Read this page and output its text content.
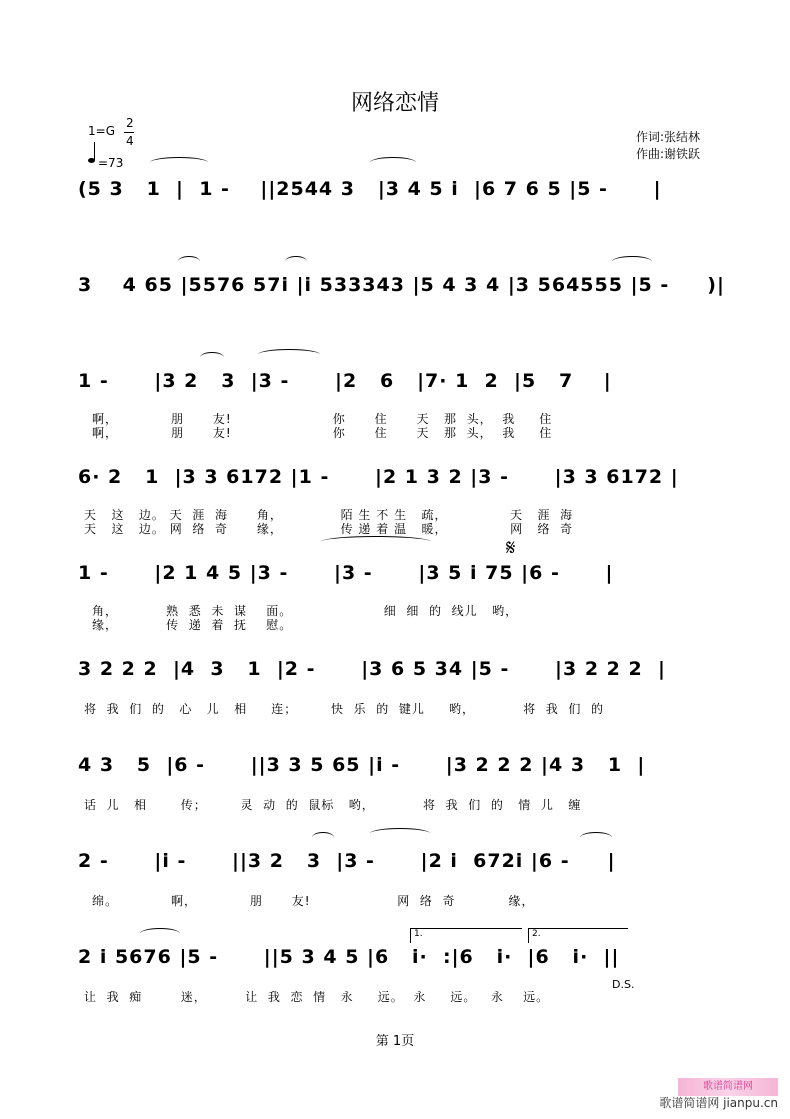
网络恋情
1=G
2
4
=73
作词:张结林
作曲:谢铁跃
(5 3   1  |  1 -    ||2544 3   |3 4 5 i  |6 7 6 5 |5 -      |
3    4 65 |5576 57i |i 533343 |5 4 3 4 |3 564555 |5 -     )|
1 -      |3 2   3  |3 -      |2   6   |7· 1  2  |5   7    |
啊，           朋      友!                     你      住      天   那  头，  我     住
啊，           朋      友!                     你      住      天   那  头，  我     住
6· 2   1  |3 3 6172 |1 -      |2 1 3 2 |3 -      |3 3 6172 |
天   这   边。 天  涯  海      角，            陌 生 不 生   疏，             天   涯  海
天   这   边。 网  络  奇      缘，            传 递 着 温   暖，             网   络  奇
1 -      |2 1 4 5 |3 -      |3 -      |3 5 i 75 |6 -      |
角，          熟  悉  未  谋    面。                   细  细  的  线儿   哟，
缘，          传  递  着  抚    慰。
𝄋
3 2 2 2  |4  3   1  |2 -      |3 6 5 34 |5 -      |3 2 2 2  |
将  我  们  的   心   儿   相     连；       快  乐  的  键儿     哟，          将  我  们  的
4 3   5  |6 -      ||3 3 5 65 |i -      |3 2 2 2 |4 3   1  |
话  儿   相       传；       灵  动  的  鼠标   哟，          将  我  们  的   情  儿   缠
2 -      |i -      ||3 2   3  |3 -      |2 i  672i |6 -     |
绵。           啊，           朋      友!                  网  络  奇           缘，
2 i 5676 |5 -      ||5 3 4 5 |6   i·  :|6   i·  |6   i·  ||
让  我  痴        迷，        让  我  恋  情   永     远。  永     远。   永    远。
1.	2.
D.S.
第 1页
歌谱简谱网
歌谱简谱网 jianpu.cn
